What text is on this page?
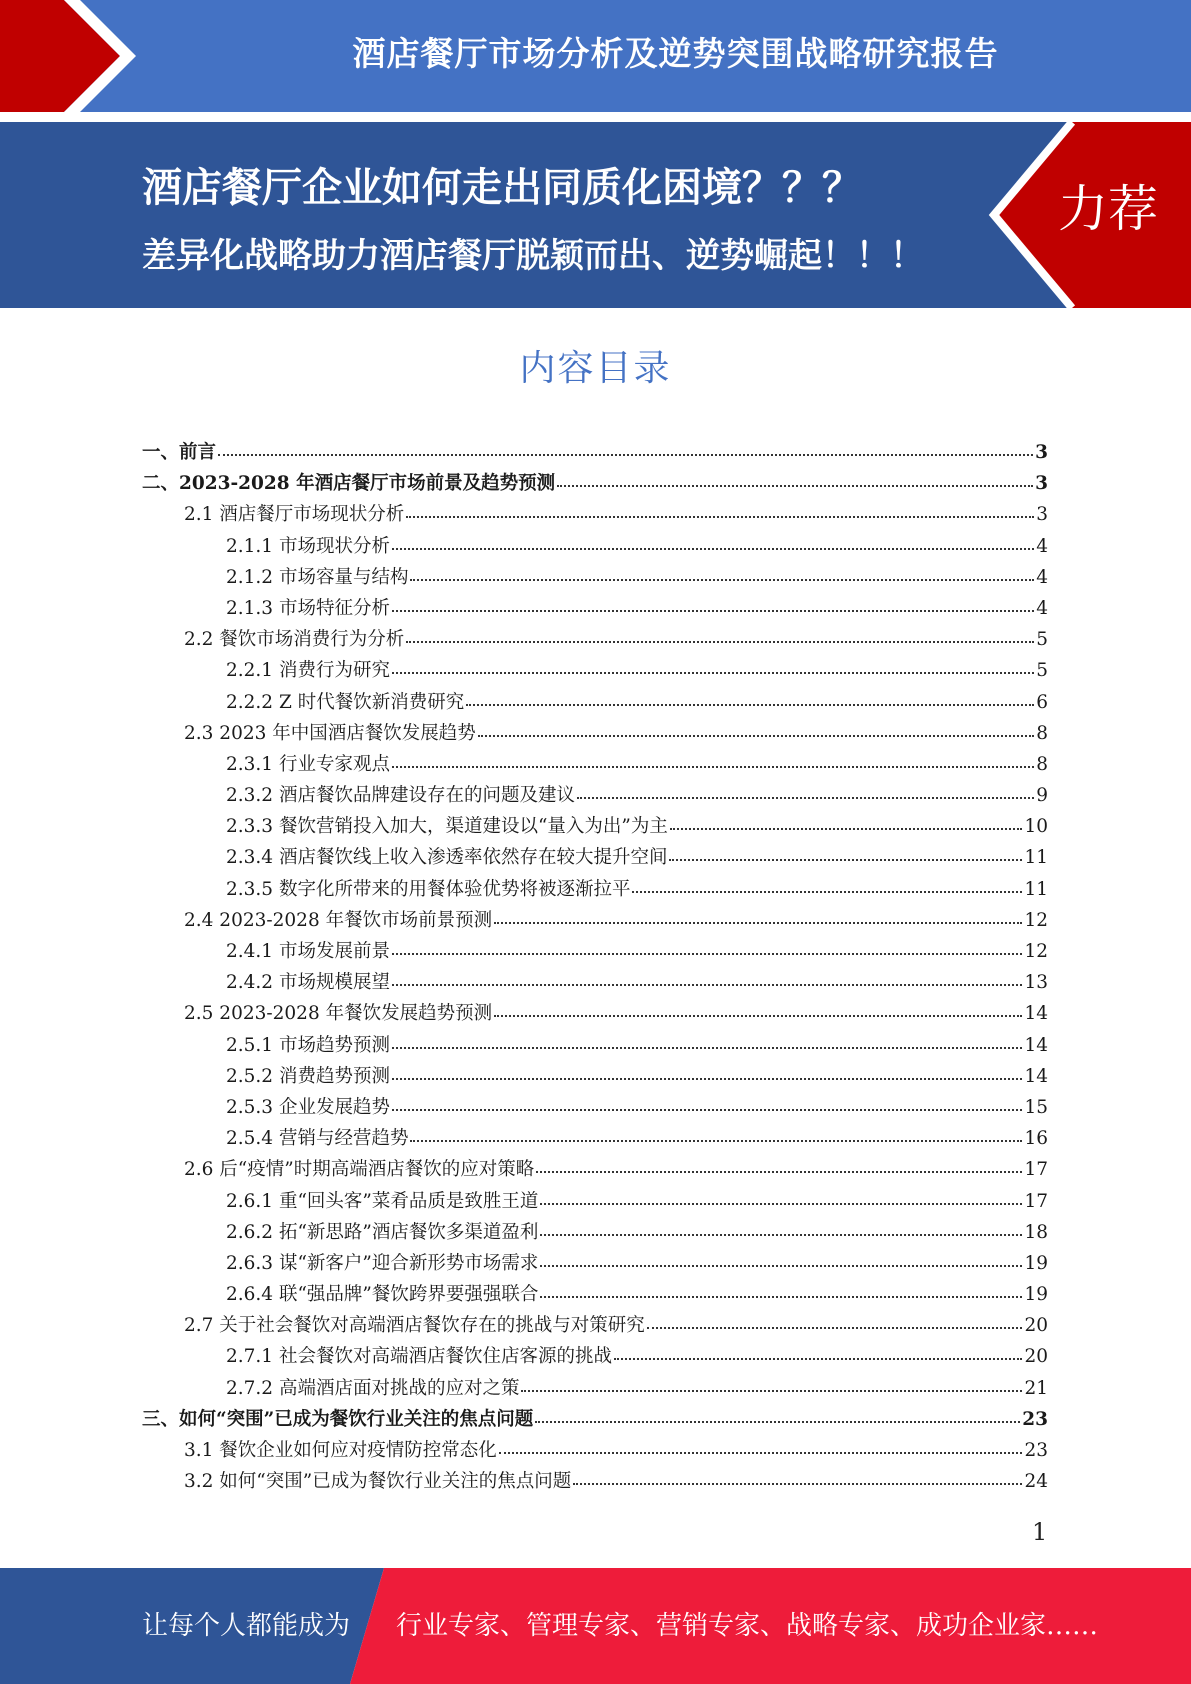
酒店餐厅市场分析及逆势突围战略研究报告
酒店餐厅企业如何走出同质化困境？？？
差异化战略助力酒店餐厅脱颖而出、逆势崛起！！！
力荐
内容目录
一、前言	3
二、2023-2028 年酒店餐厅市场前景及趋势预测	3
2.1 酒店餐厅市场现状分析	3
2.1.1 市场现状分析	4
2.1.2 市场容量与结构	4
2.1.3 市场特征分析	4
2.2 餐饮市场消费行为分析	5
2.2.1 消费行为研究	5
2.2.2 Z 时代餐饮新消费研究	6
2.3 2023 年中国酒店餐饮发展趋势	8
2.3.1 行业专家观点	8
2.3.2 酒店餐饮品牌建设存在的问题及建议	9
2.3.3 餐饮营销投入加大，渠道建设以“量入为出”为主	10
2.3.4 酒店餐饮线上收入渗透率依然存在较大提升空间	11
2.3.5 数字化所带来的用餐体验优势将被逐渐拉平	11
2.4 2023-2028 年餐饮市场前景预测	12
2.4.1 市场发展前景	12
2.4.2 市场规模展望	13
2.5 2023-2028 年餐饮发展趋势预测	14
2.5.1 市场趋势预测	14
2.5.2 消费趋势预测	14
2.5.3 企业发展趋势	15
2.5.4 营销与经营趋势	16
2.6 后“疫情”时期高端酒店餐饮的应对策略	17
2.6.1 重“回头客”菜肴品质是致胜王道	17
2.6.2 拓“新思路”酒店餐饮多渠道盈利	18
2.6.3 谋“新客户”迎合新形势市场需求	19
2.6.4 联“强品牌”餐饮跨界要强强联合	19
2.7 关于社会餐饮对高端酒店餐饮存在的挑战与对策研究	20
2.7.1 社会餐饮对高端酒店餐饮住店客源的挑战	20
2.7.2 高端酒店面对挑战的应对之策	21
三、如何“突围”已成为餐饮行业关注的焦点问题	23
3.1 餐饮企业如何应对疫情防控常态化	23
3.2 如何“突围”已成为餐饮行业关注的焦点问题	24
1
让每个人都能成为 行业专家、管理专家、营销专家、战略专家、成功企业家……
